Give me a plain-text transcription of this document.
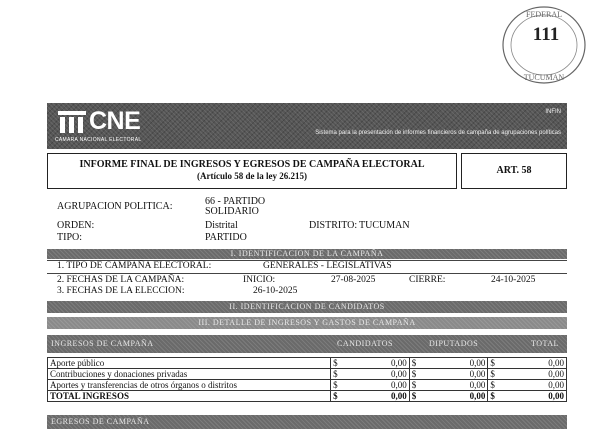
FEDERAL
TUCUMAN
111
CNE
CAMARA NACIONAL ELECTORAL
INFIN
Sistema para la presentación de informes financieros de campaña de agrupaciones políticas
INFORME FINAL DE INGRESOS Y EGRESOS DE CAMPAÑA ELECTORAL
(Artículo 58 de la ley 26.215)	ART. 58
AGRUPACION POLITICA:	66 - PARTIDO
SOLIDARIO
ORDEN:	Distrital	DISTRITO: TUCUMAN
TIPO:	PARTIDO
I. IDENTIFICACION DE LA CAMPAÑA
1. TIPO DE CAMPAÑA ELECTORAL:	GENERALES - LEGISLATIVAS
2. FECHAS DE LA CAMPAÑA:	INICIO:	27-08-2025	CIERRE:	24-10-2025
3. FECHAS DE LA ELECCION:	26-10-2025
II. IDENTIFICACION DE CANDIDATOS
III. DETALLE DE INGRESOS Y GASTOS DE CAMPAÑA
INGRESOS DE CAMPAÑA	CANDIDATOS	DIPUTADOS	TOTAL
Aporte público	$ 0,00	$ 0,00	$ 0,00

Contribuciones y donaciones privadas	$ 0,00	$ 0,00	$ 0,00

Aportes y transferencias de otros órganos o distritos	$ 0,00	$ 0,00	$ 0,00

TOTAL INGRESOS	$ 0,00	$ 0,00	$ 0,00
EGRESOS DE CAMPAÑA
